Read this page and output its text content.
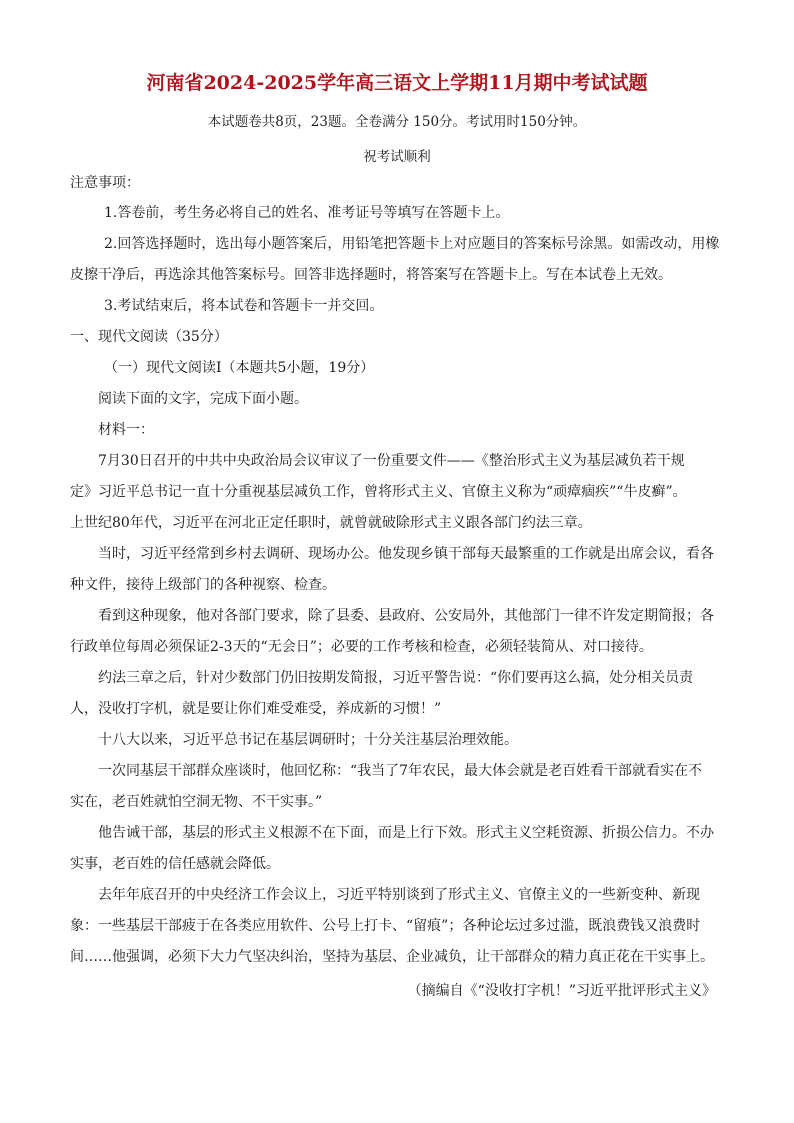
河南省2024-2025学年高三语文上学期11月期中考试试题
本试题卷共8页，23题。全卷满分 150分。考试用时150分钟。
祝考试顺利
注意事项：
1.答卷前，考生务必将自己的姓名、准考证号等填写在答题卡上。
2.回答选择题时，选出每小题答案后，用铅笔把答题卡上对应题目的答案标号涂黑。如需改动，用橡
皮擦干净后，再选涂其他答案标号。回答非选择题时，将答案写在答题卡上。写在本试卷上无效。
3.考试结束后，将本试卷和答题卡一并交回。
一、现代文阅读（35分）
（一）现代文阅读Ⅰ（本题共5小题，19分）
阅读下面的文字，完成下面小题。
材料一：
7月30日召开的中共中央政治局会议审议了一份重要文件——《整治形式主义为基层减负若干规
定》习近平总书记一直十分重视基层减负工作，曾将形式主义、官僚主义称为“顽瘴痼疾”“牛皮癣”。
上世纪80年代，习近平在河北正定任职时，就曾就破除形式主义跟各部门约法三章。
当时，习近平经常到乡村去调研、现场办公。他发现乡镇干部每天最繁重的工作就是出席会议，看各
种文件，接待上级部门的各种视察、检查。
看到这种现象，他对各部门要求，除了县委、县政府、公安局外，其他部门一律不许发定期简报；各
行政单位每周必须保证2-3天的“无会日”；必要的工作考核和检查，必须轻装简从、对口接待。
约法三章之后，针对少数部门仍旧按期发简报，习近平警告说：“你们要再这么搞，处分相关员责
人，没收打字机，就是要让你们难受难受，养成新的习惯！”
十八大以来，习近平总书记在基层调研时；十分关注基层治理效能。
一次同基层干部群众座谈时，他回忆称：“我当了7年农民，最大体会就是老百姓看干部就看实在不
实在，老百姓就怕空洞无物、不干实事。”
他告诫干部，基层的形式主义根源不在下面，而是上行下效。形式主义空耗资源、折损公信力。不办
实事，老百姓的信任感就会降低。
去年年底召开的中央经济工作会议上，习近平特别谈到了形式主义、官僚主义的一些新变种、新现
象：一些基层干部疲于在各类应用软件、公号上打卡、“留痕”；各种论坛过多过滥，既浪费钱又浪费时
间……他强调，必须下大力气坚决纠治，坚持为基层、企业减负，让干部群众的精力真正花在干实事上。
（摘编自《“没收打字机！”习近平批评形式主义》
